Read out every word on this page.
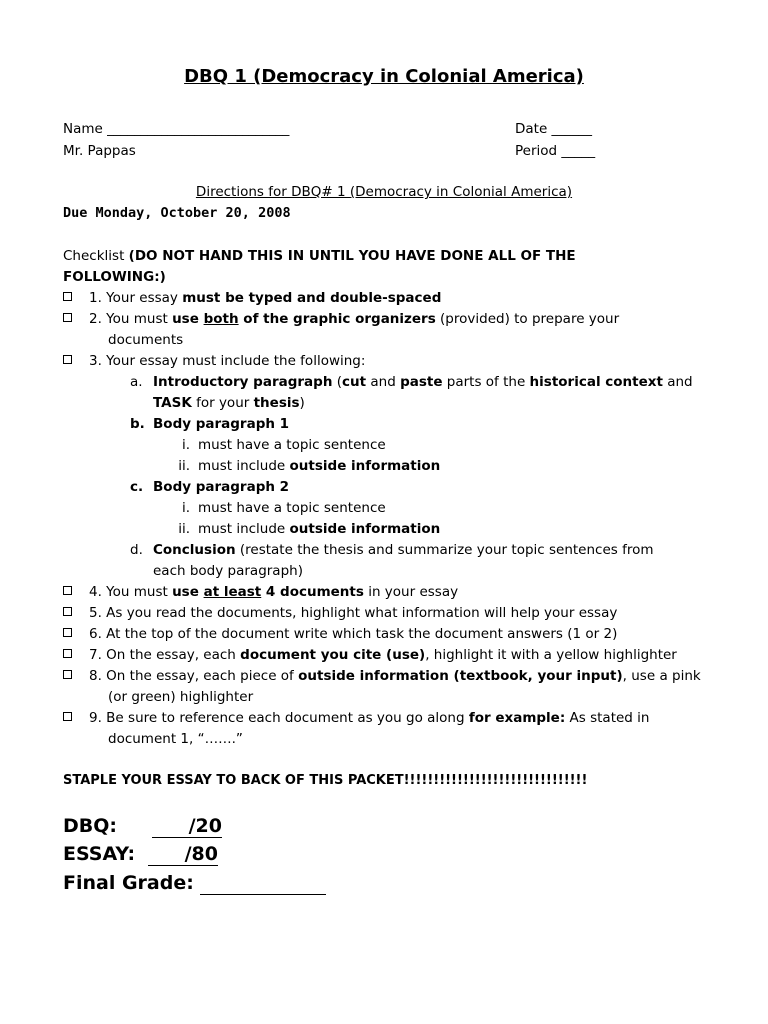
DBQ 1 (Democracy in Colonial America)
Name ___________________________	Date ______
Mr. Pappas	Period _____
Directions for DBQ# 1 (Democracy in Colonial America)
Due Monday, October 20, 2008
Checklist (DO NOT HAND THIS IN UNTIL YOU HAVE DONE ALL OF THE
FOLLOWING:)
1. Your essay must be typed and double-spaced
2. You must use both of the graphic organizers (provided) to prepare your
documents
3. Your essay must include the following:
a. Introductory paragraph (cut and paste parts of the historical context and
TASK for your thesis)
b. Body paragraph 1
i. must have a topic sentence
ii. must include outside information
c. Body paragraph 2
i. must have a topic sentence
ii. must include outside information
d. Conclusion (restate the thesis and summarize your topic sentences from
each body paragraph)
4. You must use at least 4 documents in your essay
5. As you read the documents, highlight what information will help your essay
6. At the top of the document write which task the document answers (1 or 2)
7. On the essay, each document you cite (use), highlight it with a yellow highlighter
8. On the essay, each piece of outside information (textbook, your input), use a pink
(or green) highlighter
9. Be sure to reference each document as you go along for example: As stated in
document 1, “…….”
STAPLE YOUR ESSAY TO BACK OF THIS PACKET!!!!!!!!!!!!!!!!!!!!!!!!!!!!!!!
DBQ:	/20
ESSAY:	/80
Final Grade:
